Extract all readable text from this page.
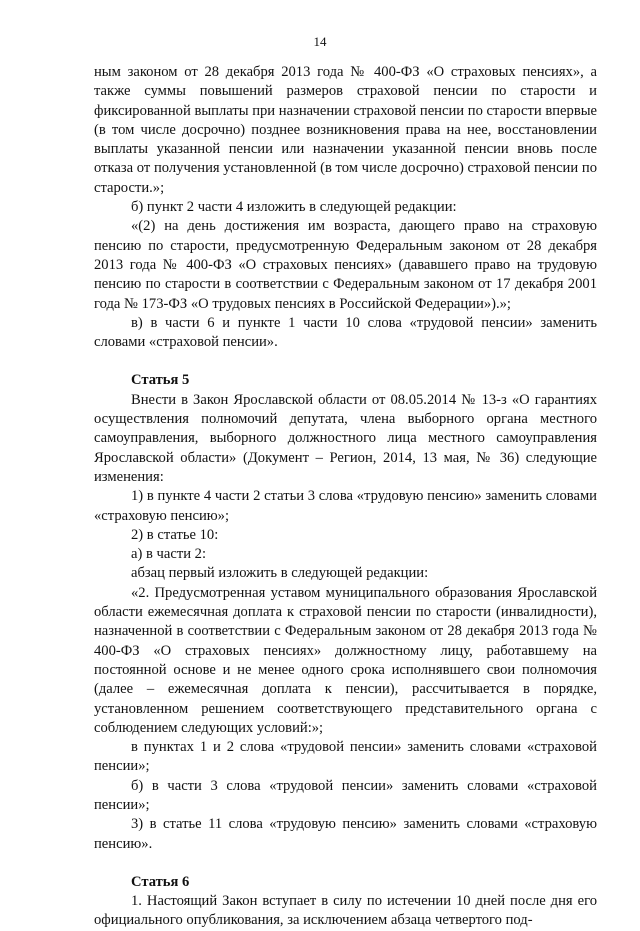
14

ным законом от 28 декабря 2013 года № 400-ФЗ «О страховых пенсиях», а также суммы повышений размеров страховой пенсии по старости и фиксированной выплаты при назначении страховой пенсии по старости впервые (в том числе досрочно) позднее возникновения права на нее, восстановлении выплаты указанной пенсии или назначении указанной пенсии вновь после отказа от получения установленной (в том числе досрочно) страховой пенсии по старости.»;

б) пункт 2 части 4 изложить в следующей редакции:

«(2) на день достижения им возраста, дающего право на страховую пенсию по старости, предусмотренную Федеральным законом от 28 декабря 2013 года № 400-ФЗ «О страховых пенсиях» (дававшего право на трудовую пенсию по старости в соответствии с Федеральным законом от 17 декабря 2001 года № 173-ФЗ «О трудовых пенсиях в Российской Федерации»).»;

в) в части 6 и пункте 1 части 10 слова «трудовой пенсии» заменить словами «страховой пенсии».

Статья 5

Внести в Закон Ярославской области от 08.05.2014 № 13-з «О гарантиях осуществления полномочий депутата, члена выборного органа местного самоуправления, выборного должностного лица местного самоуправления Ярославской области» (Документ – Регион, 2014, 13 мая, № 36) следующие изменения:

1) в пункте 4 части 2 статьи 3 слова «трудовую пенсию» заменить словами «страховую пенсию»;

2) в статье 10:

а) в части 2:

абзац первый изложить в следующей редакции:

«2. Предусмотренная уставом муниципального образования Ярославской области ежемесячная доплата к страховой пенсии по старости (инвалидности), назначенной в соответствии с Федеральным законом от 28 декабря 2013 года № 400-ФЗ «О страховых пенсиях» должностному лицу, работавшему на постоянной основе и не менее одного срока исполнявшего свои полномочия (далее – ежемесячная доплата к пенсии), рассчитывается в порядке, установленном решением соответствующего представительного органа с соблюдением следующих условий:»;

в пунктах 1 и 2 слова «трудовой пенсии» заменить словами «страховой пенсии»;

б) в части 3 слова «трудовой пенсии» заменить словами «страховой пенсии»;

3) в статье 11 слова «трудовую пенсию» заменить словами «страховую пенсию».

Статья 6

1. Настоящий Закон вступает в силу по истечении 10 дней после дня его официального опубликования, за исключением абзаца четвертого под-
